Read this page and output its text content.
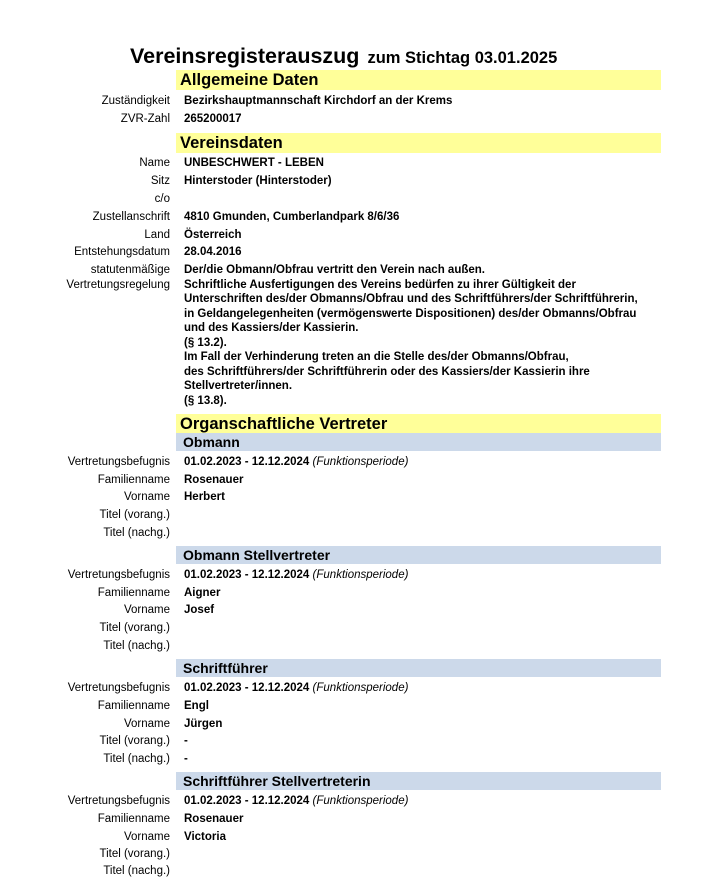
Vereinsregisterauszug zum Stichtag 03.01.2025
Allgemeine Daten
Zuständigkeit Bezirkshauptmannschaft Kirchdorf an der Krems
ZVR-Zahl 265200017
Vereinsdaten
Name UNBESCHWERT - LEBEN
Sitz Hinterstoder (Hinterstoder)
c/o
Zustellanschrift 4810 Gmunden, Cumberlandpark 8/6/36
Land Österreich
Entstehungsdatum 28.04.2016
statutenmäßige
Vertretungsregelung
Der/die Obmann/Obfrau vertritt den Verein nach außen.
Schriftliche Ausfertigungen des Vereins bedürfen zu ihrer Gültigkeit der
Unterschriften des/der Obmanns/Obfrau und des Schriftführers/der Schriftführerin,
in Geldangelegenheiten (vermögenswerte Dispositionen) des/der Obmanns/Obfrau
und des Kassiers/der Kassierin.
(§ 13.2).
Im Fall der Verhinderung treten an die Stelle des/der Obmanns/Obfrau,
des Schriftführers/der Schriftführerin oder des Kassiers/der Kassierin ihre
Stellvertreter/innen.
(§ 13.8).
Organschaftliche Vertreter
Obmann
Vertretungsbefugnis 01.02.2023 - 12.12.2024 (Funktionsperiode)
Familienname Rosenauer
Vorname Herbert
Titel (vorang.)
Titel (nachg.)
Obmann Stellvertreter
Vertretungsbefugnis 01.02.2023 - 12.12.2024 (Funktionsperiode)
Familienname Aigner
Vorname Josef
Titel (vorang.)
Titel (nachg.)
Schriftführer
Vertretungsbefugnis 01.02.2023 - 12.12.2024 (Funktionsperiode)
Familienname Engl
Vorname Jürgen
Titel (vorang.) -
Titel (nachg.) -
Schriftführer Stellvertreterin
Vertretungsbefugnis 01.02.2023 - 12.12.2024 (Funktionsperiode)
Familienname Rosenauer
Vorname Victoria
Titel (vorang.)
Titel (nachg.)
